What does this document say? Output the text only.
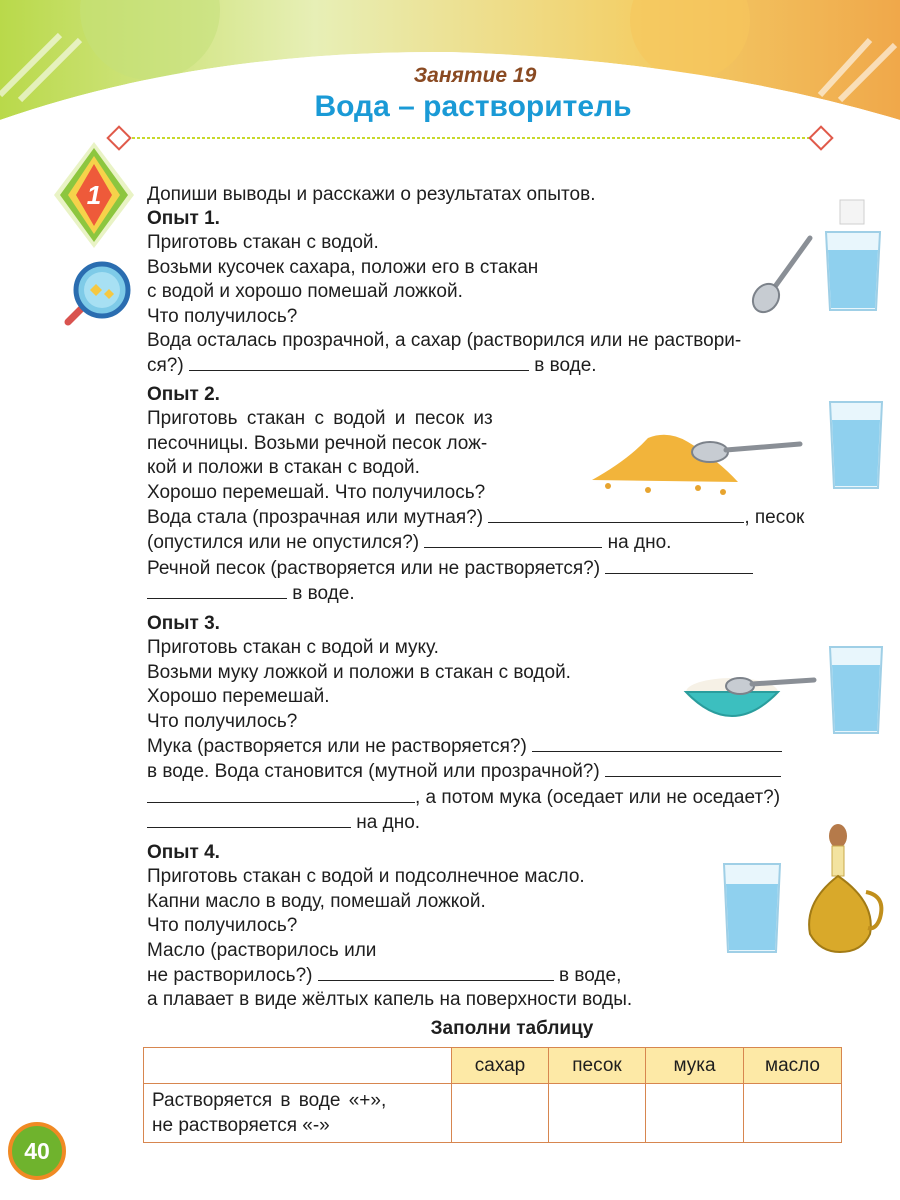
Занятие 19
Вода – растворитель
1 Допиши выводы и расскажи о результатах опытов.
Опыт 1.
Приготовь стакан с водой.
Возьми кусочек сахара, положи его в стакан
с водой и хорошо помешай ложкой.
Что получилось?
Вода осталась прозрачной, а сахар (растворился или не раствори-
ся?)	в воде.
Опыт 2.
Приготовь стакан с водой и песок из
песочницы. Возьми речной песок лож-
кой и положи в стакан с водой.
Хорошо перемешай. Что получилось?
Вода стала (прозрачная или мутная?)	, песок
(опустился или не опустился?)	на дно.
Речной песок (растворяется или не растворяется?)
в воде.
Опыт 3.
Приготовь стакан с водой и муку.
Возьми муку ложкой и положи в стакан с водой.
Хорошо перемешай.
Что получилось?
Мука (растворяется или не растворяется?)
в воде. Вода становится (мутной или прозрачной?)
, а потом мука (оседает или не оседает?)
на дно.
Опыт 4.
Приготовь стакан с водой и подсолнечное масло.
Капни масло в воду, помешай ложкой.
Что получилось?
Масло (растворилось или
не растворилось?)	в воде,
а плавает в виде жёлтых капель на поверхности воды.
Заполни таблицу
	сахар	песок	мука	масло

Растворяется в воде «+»,
не растворяется «-»				

40
